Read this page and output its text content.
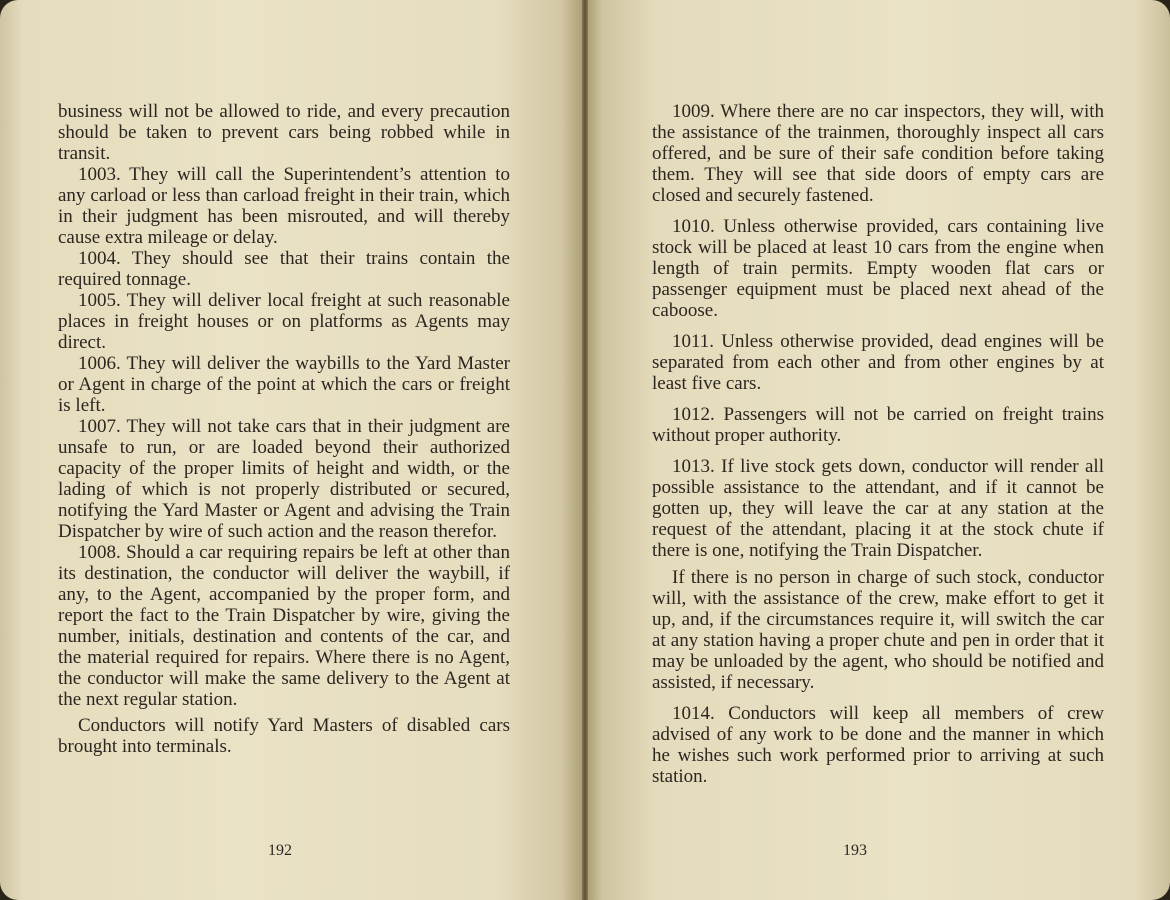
business will not be allowed to ride, and every precaution should be taken to prevent cars being robbed while in transit.

1003. They will call the Superintendent’s attention to any carload or less than carload freight in their train, which in their judgment has been misrouted, and will thereby cause extra mileage or delay.

1004. They should see that their trains contain the required tonnage.

1005. They will deliver local freight at such reasonable places in freight houses or on platforms as Agents may direct.

1006. They will deliver the waybills to the Yard Master or Agent in charge of the point at which the cars or freight is left.

1007. They will not take cars that in their judgment are unsafe to run, or are loaded beyond their authorized capacity of the proper limits of height and width, or the lading of which is not properly distributed or secured, notifying the Yard Master or Agent and advising the Train Dispatcher by wire of such action and the reason therefor.

1008. Should a car requiring repairs be left at other than its destination, the conductor will deliver the waybill, if any, to the Agent, accompanied by the proper form, and report the fact to the Train Dispatcher by wire, giving the number, initials, destination and contents of the car, and the material required for repairs. Where there is no Agent, the conductor will make the same delivery to the Agent at the next regular station.

Conductors will notify Yard Masters of disabled cars brought into terminals.

192

1009. Where there are no car inspectors, they will, with the assistance of the trainmen, thoroughly inspect all cars offered, and be sure of their safe condition before taking them. They will see that side doors of empty cars are closed and securely fastened.

1010. Unless otherwise provided, cars containing live stock will be placed at least 10 cars from the engine when length of train permits. Empty wooden flat cars or passenger equipment must be placed next ahead of the caboose.

1011. Unless otherwise provided, dead engines will be separated from each other and from other engines by at least five cars.

1012. Passengers will not be carried on freight trains without proper authority.

1013. If live stock gets down, conductor will render all possible assistance to the attendant, and if it cannot be gotten up, they will leave the car at any station at the request of the attendant, placing it at the stock chute if there is one, notifying the Train Dispatcher.

If there is no person in charge of such stock, conductor will, with the assistance of the crew, make effort to get it up, and, if the circumstances require it, will switch the car at any station having a proper chute and pen in order that it may be unloaded by the agent, who should be notified and assisted, if necessary.

1014. Conductors will keep all members of crew advised of any work to be done and the manner in which he wishes such work performed prior to arriving at such station.

193
